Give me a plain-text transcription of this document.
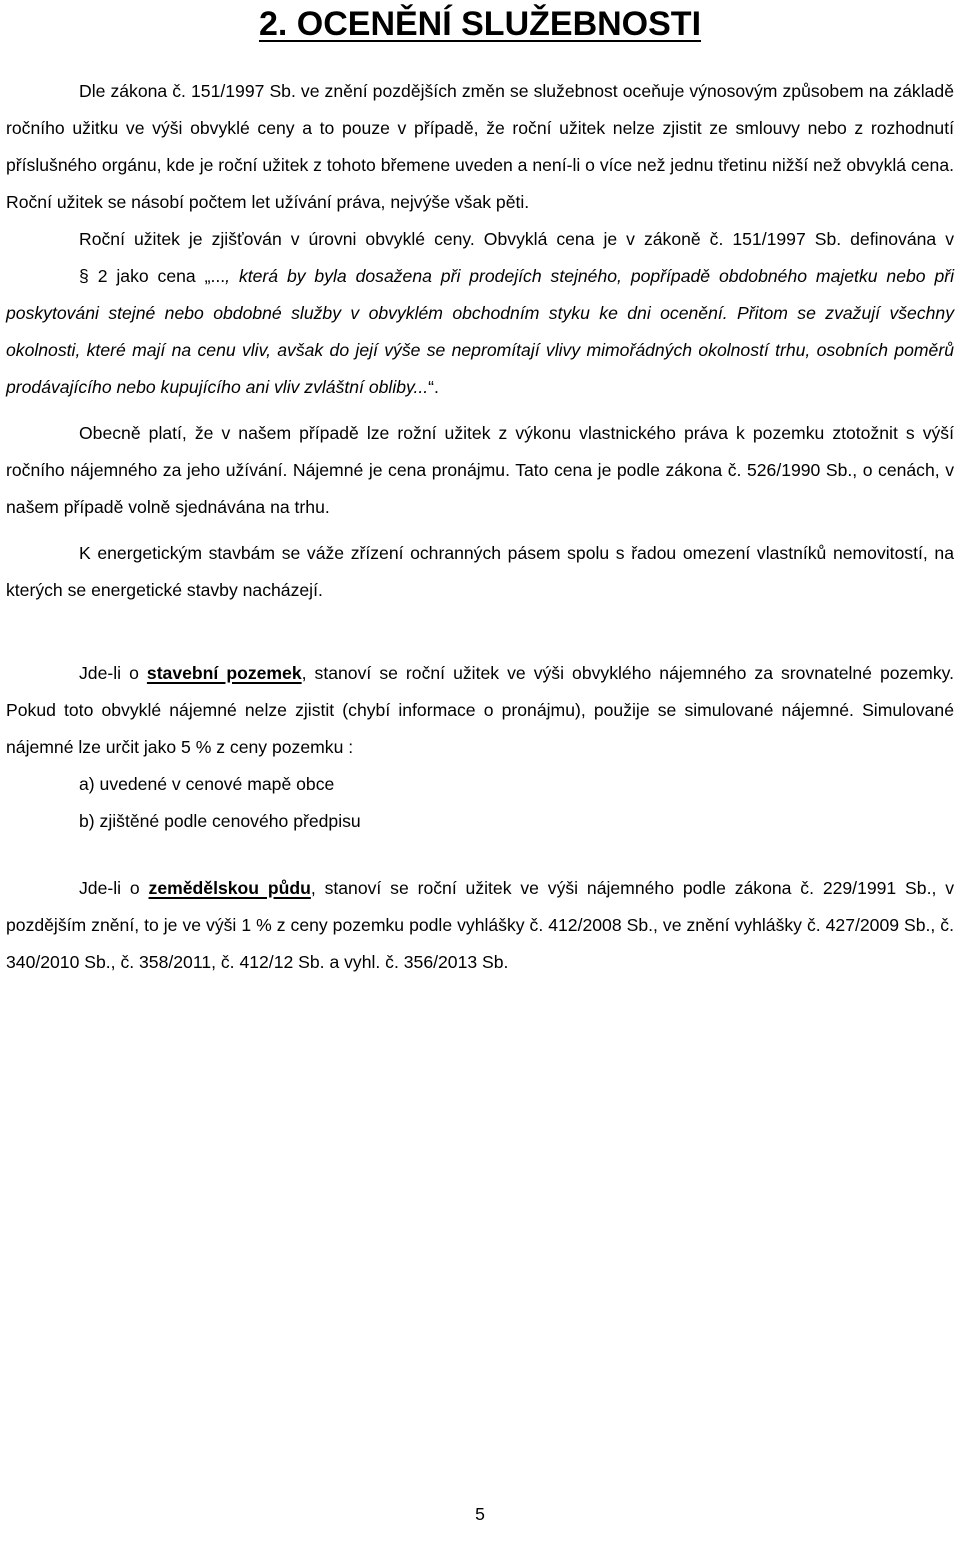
2. OCENĚNÍ SLUŽEBNOSTI

Dle zákona č. 151/1997 Sb. ve znění pozdějších změn se služebnost oceňuje výnosovým způsobem na základě ročního užitku ve výši obvyklé ceny a to pouze v případě, že roční užitek nelze zjistit ze smlouvy nebo z rozhodnutí příslušného orgánu, kde je roční užitek z tohoto břemene uveden a není-li o více než jednu třetinu nižší než obvyklá cena. Roční užitek se násobí počtem let užívání práva, nejvýše však pěti.

Roční užitek je zjišťován v úrovni obvyklé ceny. Obvyklá cena je v zákoně č. 151/1997 Sb. definována v § 2 jako cena „..., která by byla dosažena při prodejích stejného, popřípadě obdobného majetku nebo při poskytováni stejné nebo obdobné služby v obvyklém obchodním styku ke dni ocenění. Přitom se zvažují všechny okolnosti, které mají na cenu vliv, avšak do její výše se nepromítají vlivy mimořádných okolností trhu, osobních poměrů prodávajícího nebo kupujícího ani vliv zvláštní obliby...“.

Obecně platí, že v našem případě lze rožní užitek z výkonu vlastnického práva k pozemku ztotožnit s výší ročního nájemného za jeho užívání. Nájemné je cena pronájmu. Tato cena je podle zákona č. 526/1990 Sb., o cenách, v našem případě volně sjednávána na trhu.

K energetickým stavbám se váže zřízení ochranných pásem spolu s řadou omezení vlastníků nemovitostí, na kterých se energetické stavby nacházejí.

Jde-li o stavební pozemek, stanoví se roční užitek ve výši obvyklého nájemného za srovnatelné pozemky. Pokud toto obvyklé nájemné nelze zjistit (chybí informace o pronájmu), použije se simulované nájemné. Simulované nájemné lze určit jako 5 % z ceny pozemku :

a) uvedené v cenové mapě obce

b) zjištěné podle cenového předpisu

Jde-li o zemědělskou půdu, stanoví se roční užitek ve výši nájemného podle zákona č. 229/1991 Sb., v pozdějším znění, to je ve výši 1 % z ceny pozemku podle vyhlášky č. 412/2008 Sb., ve znění vyhlášky č. 427/2009 Sb., č. 340/2010 Sb., č. 358/2011, č. 412/12 Sb. a vyhl. č. 356/2013 Sb.

5
